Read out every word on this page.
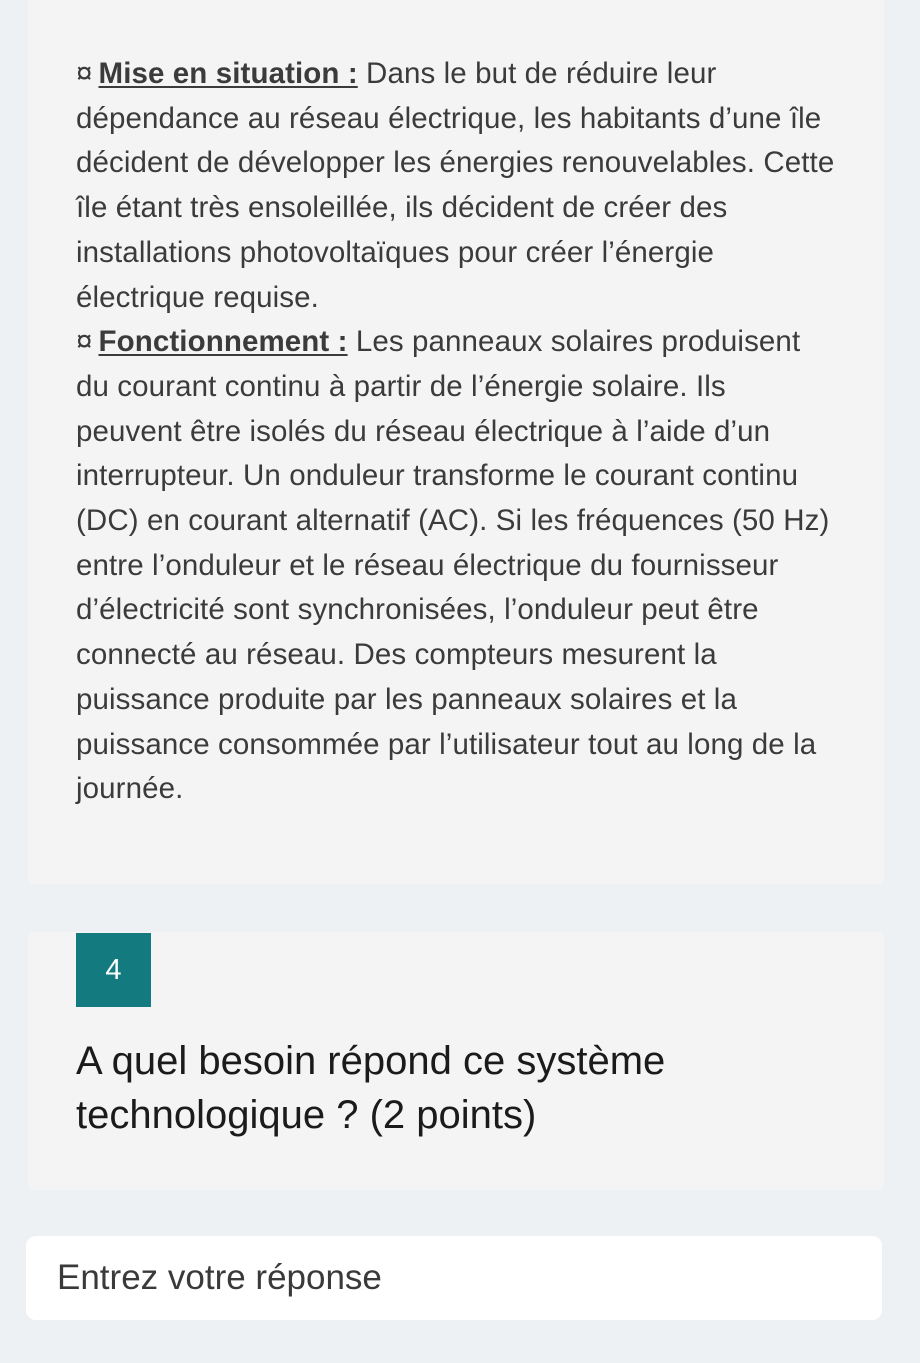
¤ Mise en situation : Dans le but de réduire leur dépendance au réseau électrique, les habitants d’une île décident de développer les énergies renouvelables. Cette île étant très ensoleillée, ils décident de créer des installations photovoltaïques pour créer l’énergie électrique requise.
¤ Fonctionnement : Les panneaux solaires produisent du courant continu à partir de l’énergie solaire. Ils peuvent être isolés du réseau électrique à l’aide d’un interrupteur. Un onduleur transforme le courant continu (DC) en courant alternatif (AC). Si les fréquences (50 Hz) entre l’onduleur et le réseau électrique du fournisseur d’électricité sont synchronisées, l’onduleur peut être connecté au réseau. Des compteurs mesurent la puissance produite par les panneaux solaires et la puissance consommée par l’utilisateur tout au long de la journée.

4
A quel besoin répond ce système technologique ? (2 points)
Entrez votre réponse
